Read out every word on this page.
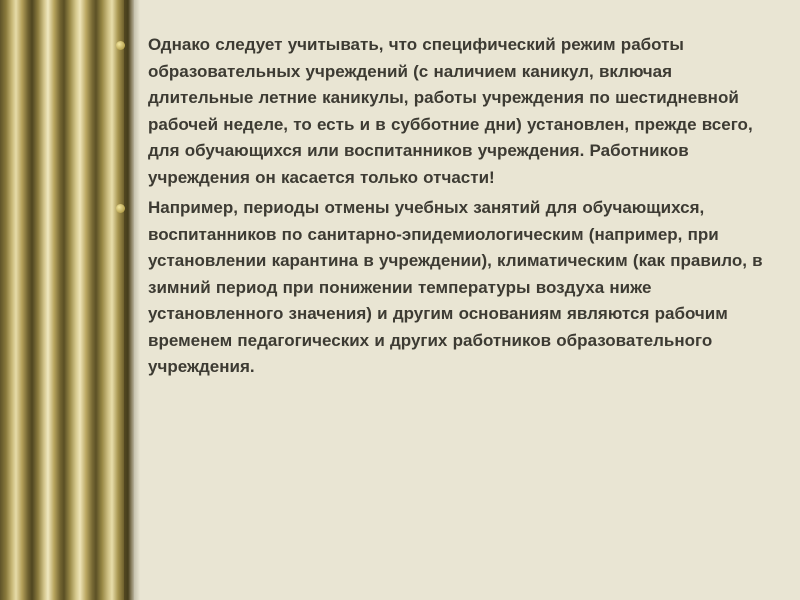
Однако следует учитывать, что специфический режим работы образовательных учреждений (с наличием каникул, включая длительные летние каникулы, работы учреждения по шестидневной рабочей неделе, то есть и в субботние дни) установлен, прежде всего, для обучающихся или воспитанников учреждения. Работников учреждения он касается только отчасти!
Например, периоды отмены учебных занятий для обучающихся, воспитанников по санитарно-эпидемиологическим (например, при установлении карантина в учреждении), климатическим (как правило, в зимний период при понижении температуры воздуха ниже установленного значения) и другим основаниям являются рабочим временем педагогических и других работников образовательного учреждения.
